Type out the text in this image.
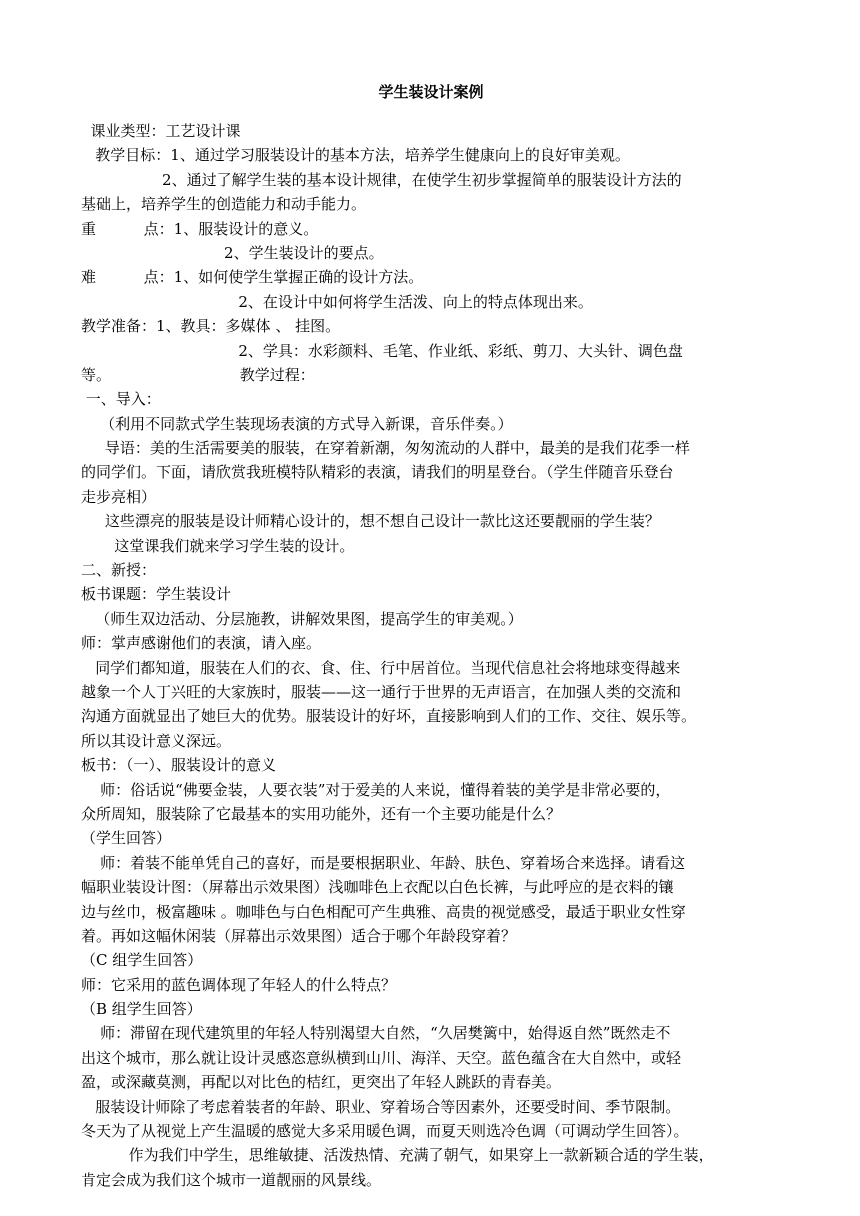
学生装设计案例
课业类型：工艺设计课
教学目标：1、通过学习服装设计的基本方法，培养学生健康向上的良好审美观。
2、通过了解学生装的基本设计规律，在使学生初步掌握简单的服装设计方法的
基础上，培养学生的创造能力和动手能力。
重          点：1、服装设计的意义。
2、学生装设计的要点。
难          点：1、如何使学生掌握正确的设计方法。
2、在设计中如何将学生活泼、向上的特点体现出来。
教学准备：1、教具：多媒体 、 挂图。
2、学具：水彩颜料、毛笔、作业纸、彩纸、剪刀、大头针、调色盘
等。                           教学过程：
一、导入：
（利用不同款式学生装现场表演的方式导入新课，音乐伴奏。）
导语：美的生活需要美的服装，在穿着新潮，匆匆流动的人群中，最美的是我们花季一样
的同学们。下面，请欣赏我班模特队精彩的表演，请我们的明星登台。（学生伴随音乐登台
走步亮相）
这些漂亮的服装是设计师精心设计的，想不想自己设计一款比这还要靓丽的学生装？
这堂课我们就来学习学生装的设计。
二、新授：
板书课题：学生装设计
（师生双边活动、分层施教，讲解效果图，提高学生的审美观。）
师：掌声感谢他们的表演，请入座。
同学们都知道，服装在人们的衣、食、住、行中居首位。当现代信息社会将地球变得越来
越象一个人丁兴旺的大家族时，服装——这一通行于世界的无声语言，在加强人类的交流和
沟通方面就显出了她巨大的优势。服装设计的好坏，直接影响到人们的工作、交往、娱乐等。
所以其设计意义深远。
板书：（一）、服装设计的意义
师：俗话说“佛要金装，人要衣装”对于爱美的人来说，懂得着装的美学是非常必要的，
众所周知，服装除了它最基本的实用功能外，还有一个主要功能是什么？
（学生回答）
师：着装不能单凭自己的喜好，而是要根据职业、年龄、肤色、穿着场合来选择。请看这
幅职业装设计图：（屏幕出示效果图）浅咖啡色上衣配以白色长裤，与此呼应的是衣料的镶
边与丝巾，极富趣味 。咖啡色与白色相配可产生典雅、高贵的视觉感受，最适于职业女性穿
着。再如这幅休闲装（屏幕出示效果图）适合于哪个年龄段穿着？
（C 组学生回答）
师：它采用的蓝色调体现了年轻人的什么特点？
（B 组学生回答）
师：滞留在现代建筑里的年轻人特别渴望大自然，“久居樊篱中，始得返自然”既然走不
出这个城市，那么就让设计灵感恣意纵横到山川、海洋、天空。蓝色蕴含在大自然中，或轻
盈，或深藏莫测，再配以对比色的桔红，更突出了年轻人跳跃的青春美。
服装设计师除了考虑着装者的年龄、职业、穿着场合等因素外，还要受时间、季节限制。
冬天为了从视觉上产生温暖的感觉大多采用暖色调，而夏天则选冷色调（可调动学生回答）。
作为我们中学生，思维敏捷、活泼热情、充满了朝气，如果穿上一款新颖合适的学生装，
肯定会成为我们这个城市一道靓丽的风景线。
